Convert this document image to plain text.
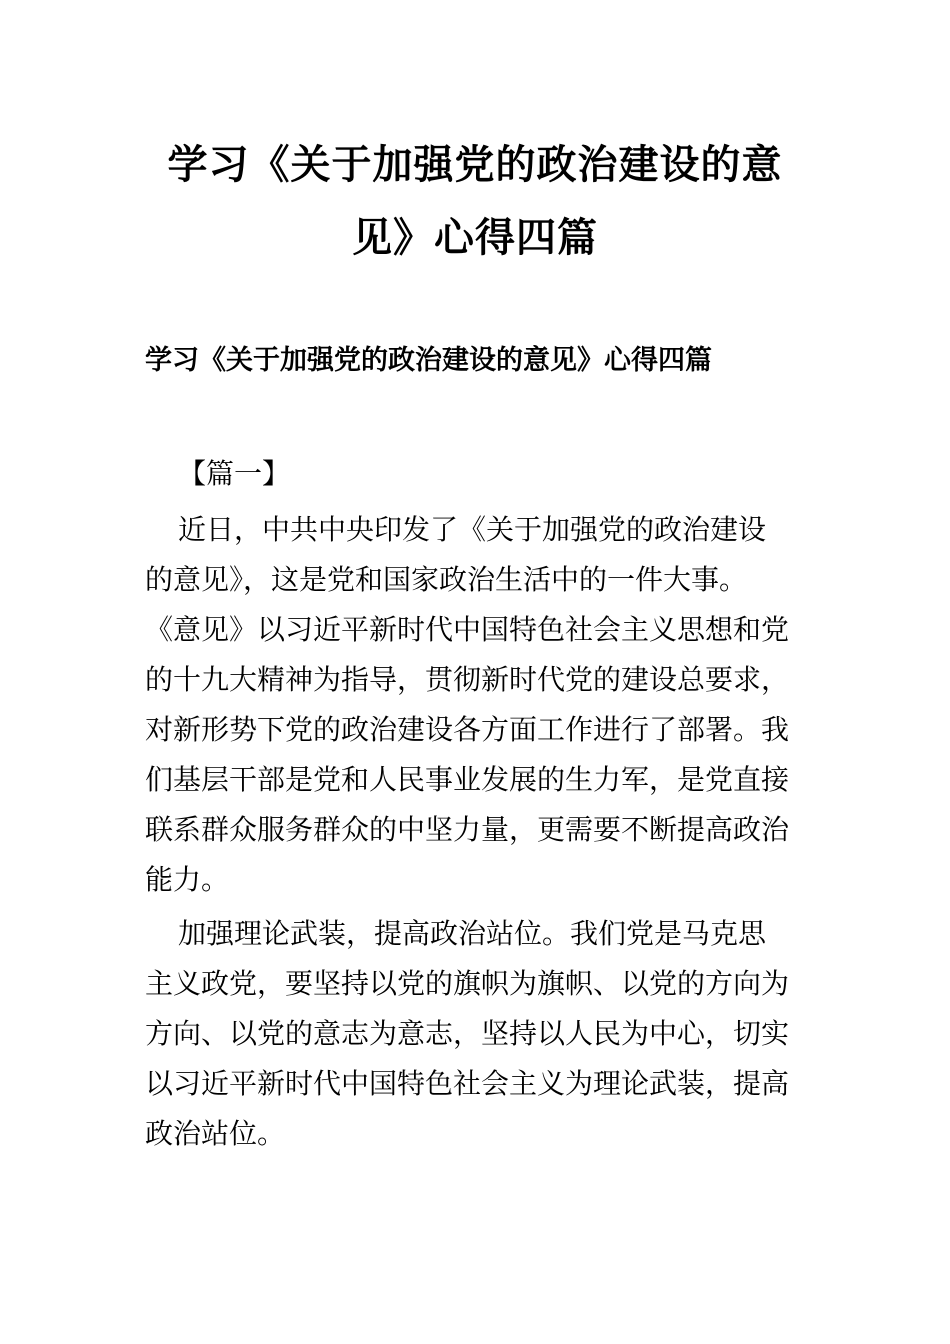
学习《关于加强党的政治建设的意
见》心得四篇
学习《关于加强党的政治建设的意见》心得四篇
【篇一】
近日，中共中央印发了《关于加强党的政治建设
的意见》，这是党和国家政治生活中的一件大事。
《意见》以习近平新时代中国特色社会主义思想和党
的十九大精神为指导，贯彻新时代党的建设总要求，
对新形势下党的政治建设各方面工作进行了部署。我
们基层干部是党和人民事业发展的生力军，是党直接
联系群众服务群众的中坚力量，更需要不断提高政治
能力。
加强理论武装，提高政治站位。我们党是马克思
主义政党，要坚持以党的旗帜为旗帜、以党的方向为
方向、以党的意志为意志，坚持以人民为中心，切实
以习近平新时代中国特色社会主义为理论武装，提高
政治站位。
